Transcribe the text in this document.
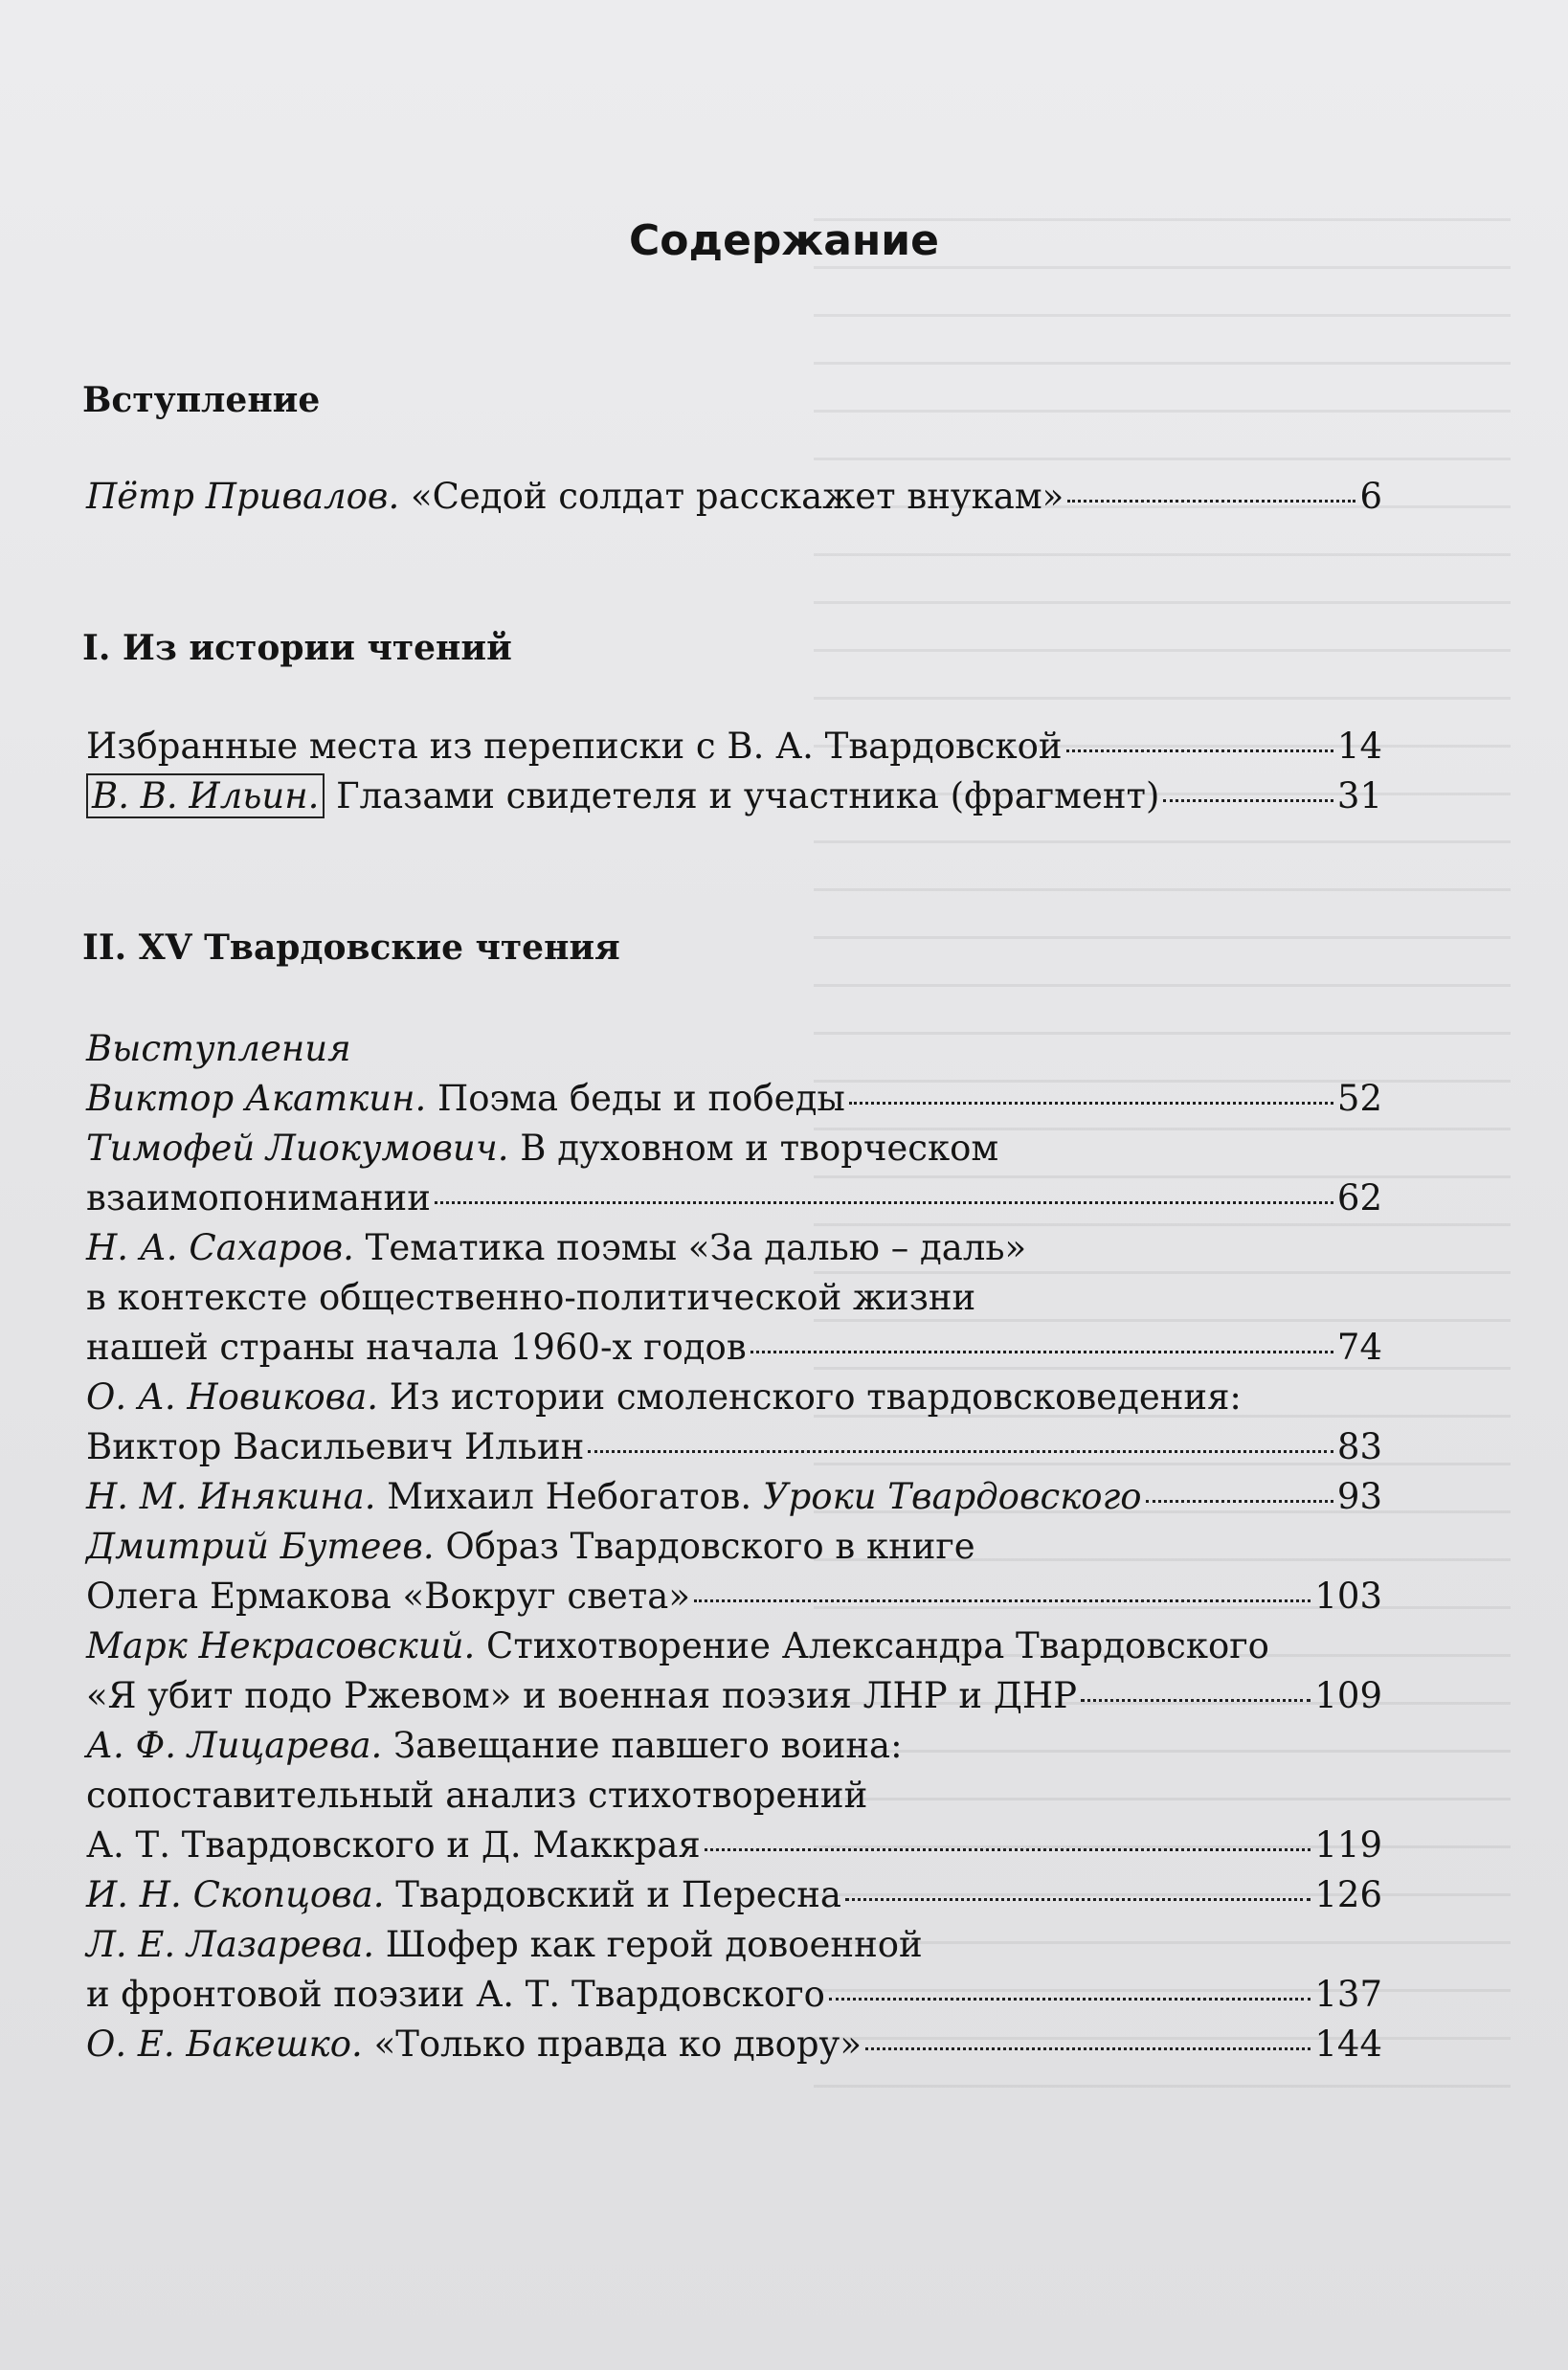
Содержание
Вступление
Пётр Привалов. «Седой солдат расскажет внукам»	6
I. Из истории чтений
Избранные места из переписки с В. А. Твардовской	14
В. В. Ильин. Глазами свидетеля и участника (фрагмент)	31
II. XV Твардовские чтения
Выступления
Виктор Акаткин. Поэма беды и победы	52
Тимофей Лиокумович. В духовном и творческом
взаимопонимании	62
Н. А. Сахаров. Тематика поэмы «За далью – даль»
в контексте общественно-политической жизни
нашей страны начала 1960-х годов	74
О. А. Новикова. Из истории смоленского твардовсковедения:
Виктор Васильевич Ильин	83
Н. М. Инякина. Михаил Небогатов. Уроки Твардовского	93
Дмитрий Бутеев. Образ Твардовского в книге
Олега Ермакова «Вокруг света»	103
Марк Некрасовский. Стихотворение Александра Твардовского
«Я убит подо Ржевом» и военная поэзия ЛНР и ДНР	109
А. Ф. Лицарева. Завещание павшего воина:
сопоставительный анализ стихотворений
А. Т. Твардовского и Д. Маккрая	119
И. Н. Скопцова. Твардовский и Пересна	126
Л. Е. Лазарева. Шофер как герой довоенной
и фронтовой поэзии А. Т. Твардовского	137
О. Е. Бакешко. «Только правда ко двору»	144
